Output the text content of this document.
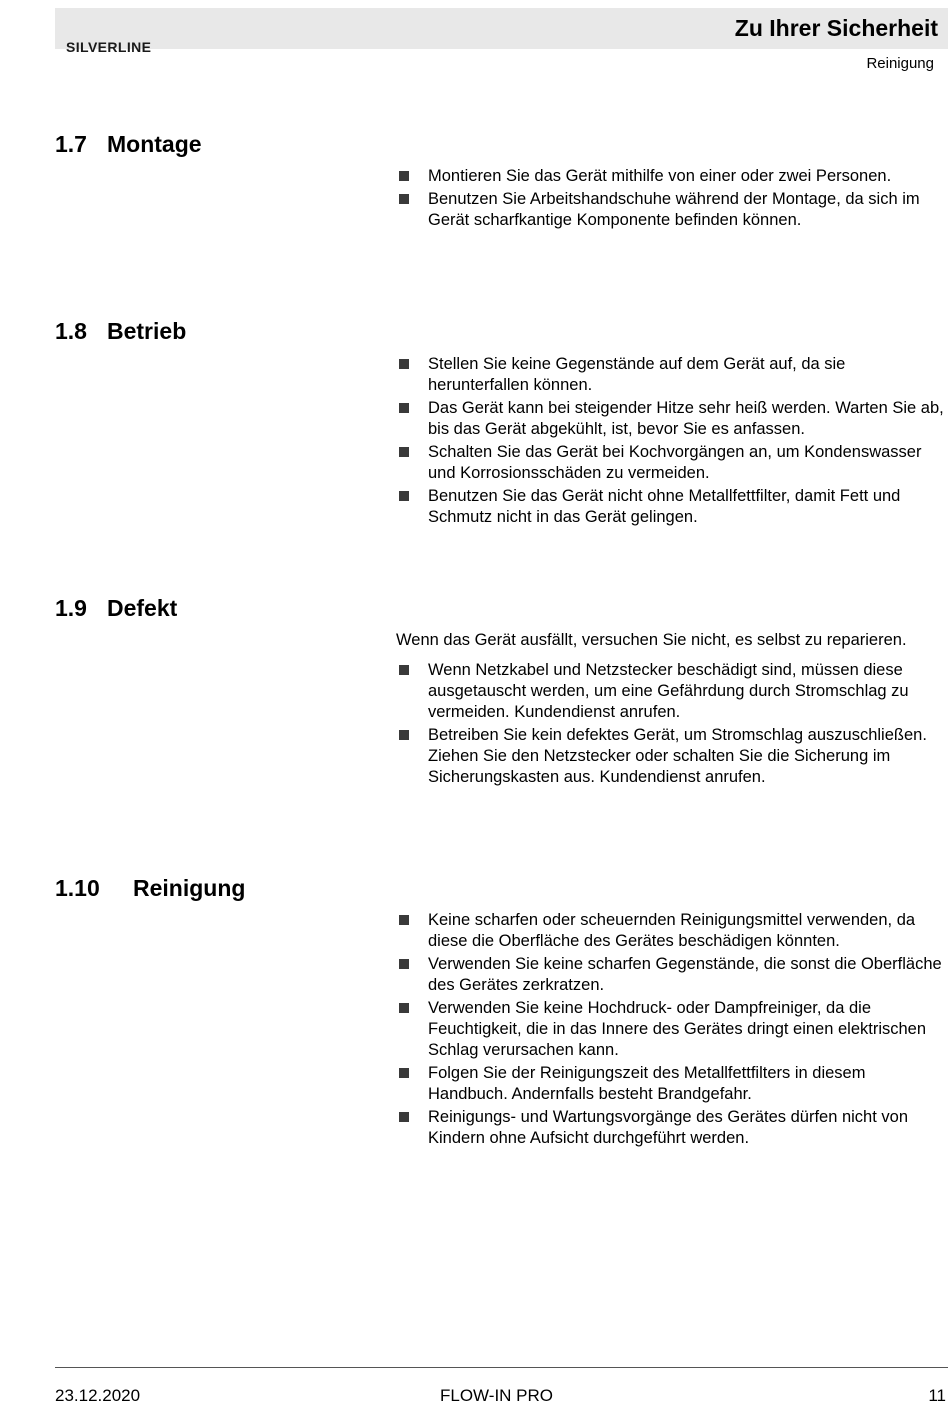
SILVERLINE
Zu Ihrer Sicherheit
Reinigung
1.7 Montage
Montieren Sie das Gerät mithilfe von einer oder zwei Personen.
Benutzen Sie Arbeitshandschuhe während der Montage, da sich im Gerät scharfkantige Komponente befinden können.
1.8 Betrieb
Stellen Sie keine Gegenstände auf dem Gerät auf, da sie herunterfallen können.
Das Gerät kann bei steigender Hitze sehr heiß werden. Warten Sie ab, bis das Gerät abgekühlt, ist, bevor Sie es anfassen.
Schalten Sie das Gerät bei Kochvorgängen an, um Kondenswasser und Korrosionsschäden zu vermeiden.
Benutzen Sie das Gerät nicht ohne Metallfettfilter, damit Fett und Schmutz nicht in das Gerät gelingen.
1.9 Defekt

Wenn das Gerät ausfällt, versuchen Sie nicht, es selbst zu reparieren.

Wenn Netzkabel und Netzstecker beschädigt sind, müssen diese ausgetauscht werden, um eine Gefährdung durch Stromschlag zu vermeiden. Kundendienst anrufen.
Betreiben Sie kein defektes Gerät, um Stromschlag auszuschließen. Ziehen Sie den Netzstecker oder schalten Sie die Sicherung im Sicherungskasten aus. Kundendienst anrufen.
1.10 Reinigung
Keine scharfen oder scheuernden Reinigungsmittel verwenden, da diese die Oberfläche des Gerätes beschädigen könnten.
Verwenden Sie keine scharfen Gegenstände, die sonst die Oberfläche des Gerätes zerkratzen.
Verwenden Sie keine Hochdruck- oder Dampfreiniger, da die Feuchtigkeit, die in das Innere des Gerätes dringt einen elektrischen Schlag verursachen kann.
Folgen Sie der Reinigungszeit des Metallfettfilters in diesem Handbuch. Andernfalls besteht Brandgefahr.
Reinigungs- und Wartungsvorgänge des Gerätes dürfen nicht von Kindern ohne Aufsicht durchgeführt werden.
23.12.2020	FLOW-IN PRO	11
